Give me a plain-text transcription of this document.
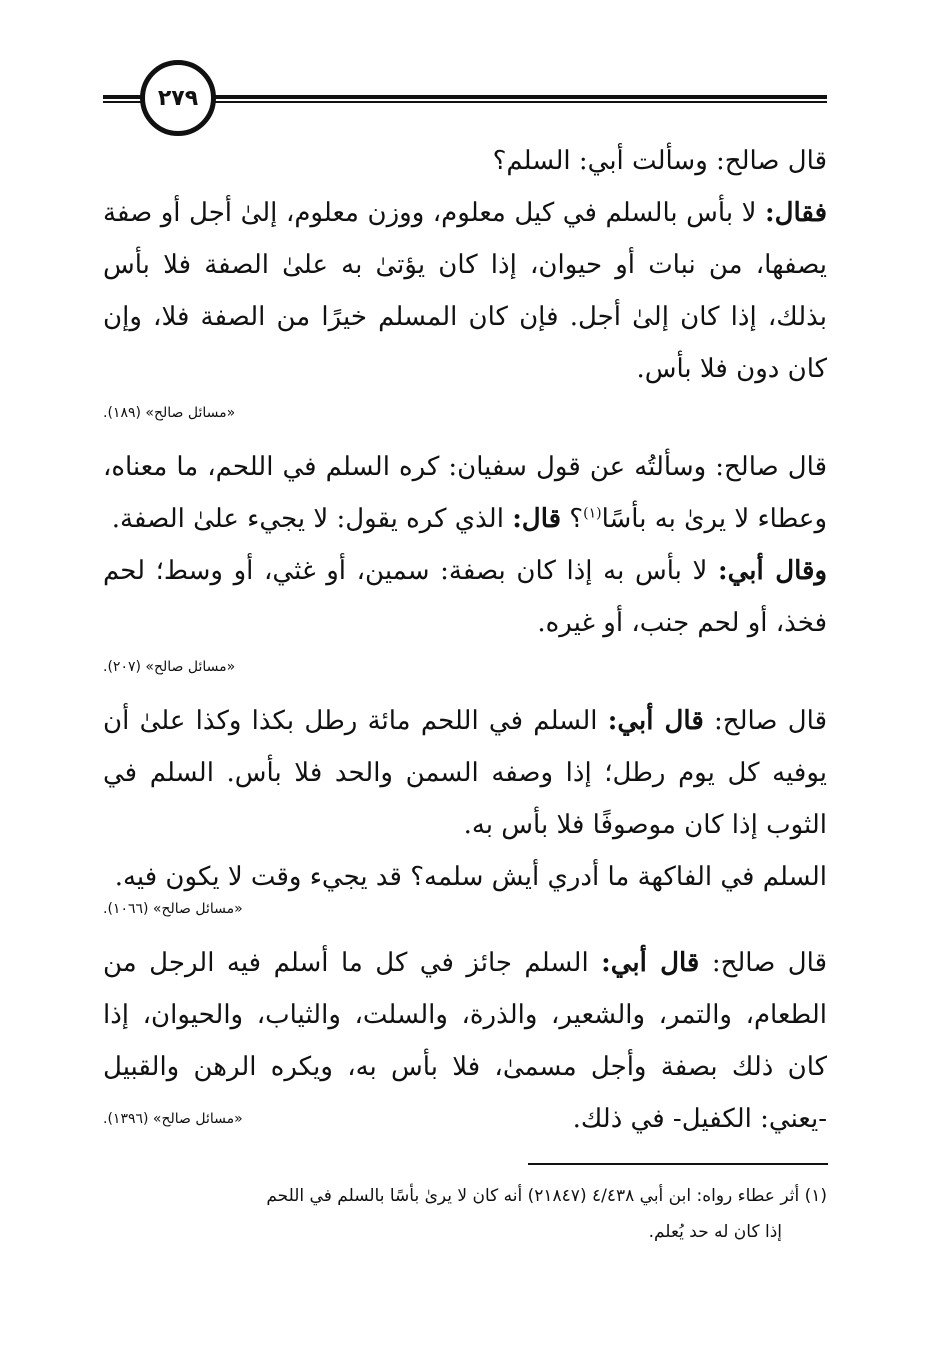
٢٧٩

قال صالح: وسألت أبي: السلم؟

فقال: لا بأس بالسلم في كيل معلوم، ووزن معلوم، إلىٰ أجل أو صفة يصفها، من نبات أو حيوان، إذا كان يؤتىٰ به علىٰ الصفة فلا بأس بذلك، إذا كان إلىٰ أجل. فإن كان المسلم خيرًا من الصفة فلا، وإن كان دون فلا بأس.

«مسائل صالح» (١٨٩).

قال صالح: وسألتُه عن قول سفيان: كره السلم في اللحم، ما معناه، وعطاء لا يرىٰ به بأسًا$^{(١)}$؟ قال: الذي كره يقول: لا يجيء علىٰ الصفة.

وقال أبي: لا بأس به إذا كان بصفة: سمين، أو غثي، أو وسط؛ لحم فخذ، أو لحم جنب، أو غيره.

«مسائل صالح» (٢٠٧).

قال صالح: قال أبي: السلم في اللحم مائة رطل بكذا وكذا علىٰ أن يوفيه كل يوم رطل؛ إذا وصفه السمن والحد فلا بأس. السلم في الثوب إذا كان موصوفًا فلا بأس به.

السلم في الفاكهة ما أدري أيش سلمه؟ قد يجيء وقت لا يكون فيه.

«مسائل صالح» (١٠٦٦).

قال صالح: قال أبي: السلم جائز في كل ما أسلم فيه الرجل من الطعام، والتمر، والشعير، والذرة، والسلت، والثياب، والحيوان، إذا كان ذلك بصفة وأجل مسمىٰ، فلا بأس به، ويكره الرهن والقبيل -يعني: الكفيل- في ذلك.
«مسائل صالح» (١٣٩٦).

(١) أثر عطاء رواه: ابن أبي ٤/٤٣٨ (٢١٨٤٧) أنه كان لا يرىٰ بأسًا بالسلم في اللحم
إذا كان له حد يُعلم.
